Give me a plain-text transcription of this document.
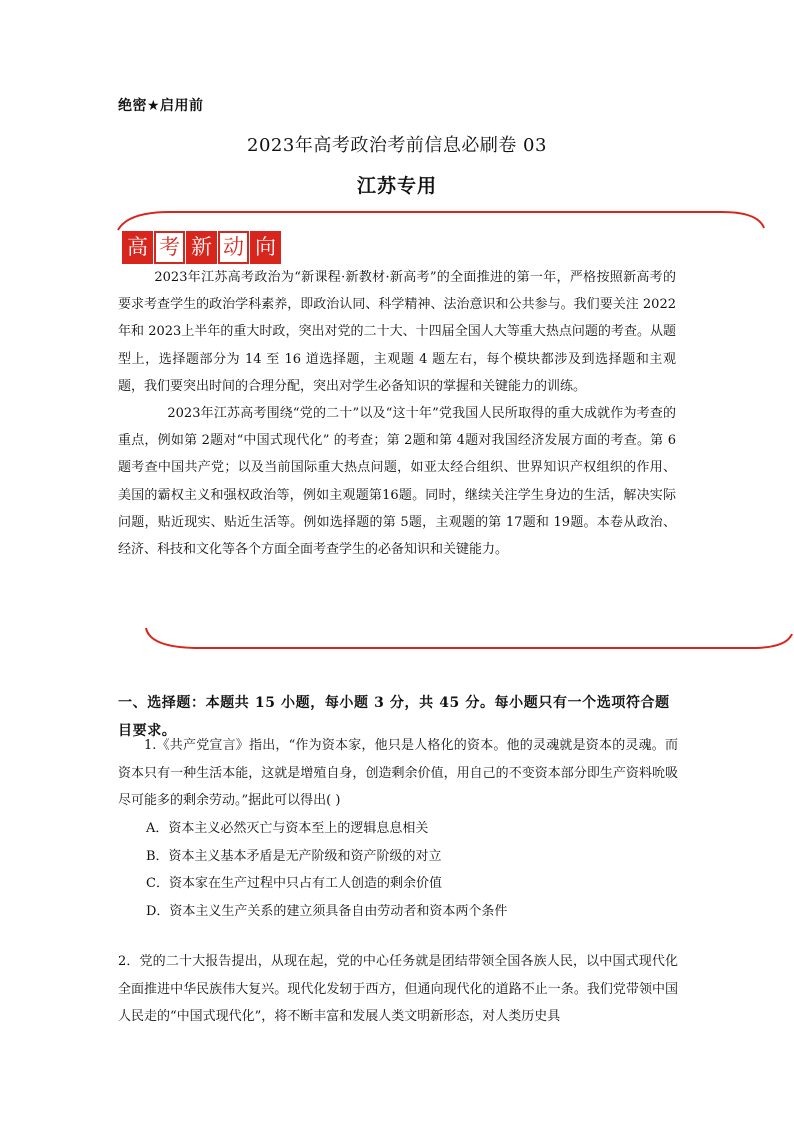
绝密★启用前
2023年高考政治考前信息必刷卷 03
江苏专用
高 考 新 动 向

2023年江苏高考政治为“新课程·新教材·新高考”的全面推进的第一年，严格按照新高考的要求考查学生的政治学科素养，即政治认同、科学精神、法治意识和公共参与。我们要关注 2022年和 2023上半年的重大时政，突出对党的二十大、十四届全国人大等重大热点问题的考查。从题型上，选择题部分为 14 至 16 道选择题，主观题 4 题左右，每个模块都涉及到选择题和主观题，我们要突出时间的合理分配，突出对学生必备知识的掌握和关键能力的训练。

2023年江苏高考围绕“党的二十”以及“这十年”党我国人民所取得的重大成就作为考查的重点，例如第 2题对“中国式现代化” 的考查；第 2题和第 4题对我国经济发展方面的考查。第 6题考查中国共产党；以及当前国际重大热点问题，如亚太经合组织、世界知识产权组织的作用、美国的霸权主义和强权政治等，例如主观题第16题。同时，继续关注学生身边的生活，解决实际问题，贴近现实、贴近生活等。例如选择题的第 5题，主观题的第 17题和 19题。本卷从政治、经济、科技和文化等各个方面全面考查学生的必备知识和关键能力。

一、选择题：本题共 15 小题，每小题 3 分，共 45 分。每小题只有一个选项符合题目要求。

1.《共产党宣言》指出，“作为资本家，他只是人格化的资本。他的灵魂就是资本的灵魂。而资本只有一种生活本能，这就是增殖自身，创造剩余价值，用自己的不变资本部分即生产资料吮吸尽可能多的剩余劳动。”据此可以得出( )

A．资本主义必然灭亡与资本至上的逻辑息息相关
B．资本主义基本矛盾是无产阶级和资产阶级的对立
C．资本家在生产过程中只占有工人创造的剩余价值
D．资本主义生产关系的建立须具备自由劳动者和资本两个条件

2．党的二十大报告提出，从现在起，党的中心任务就是团结带领全国各族人民，以中国式现代化全面推进中华民族伟大复兴。现代化发轫于西方，但通向现代化的道路不止一条。我们党带领中国人民走的“中国式现代化”，将不断丰富和发展人类文明新形态，对人类历史具
